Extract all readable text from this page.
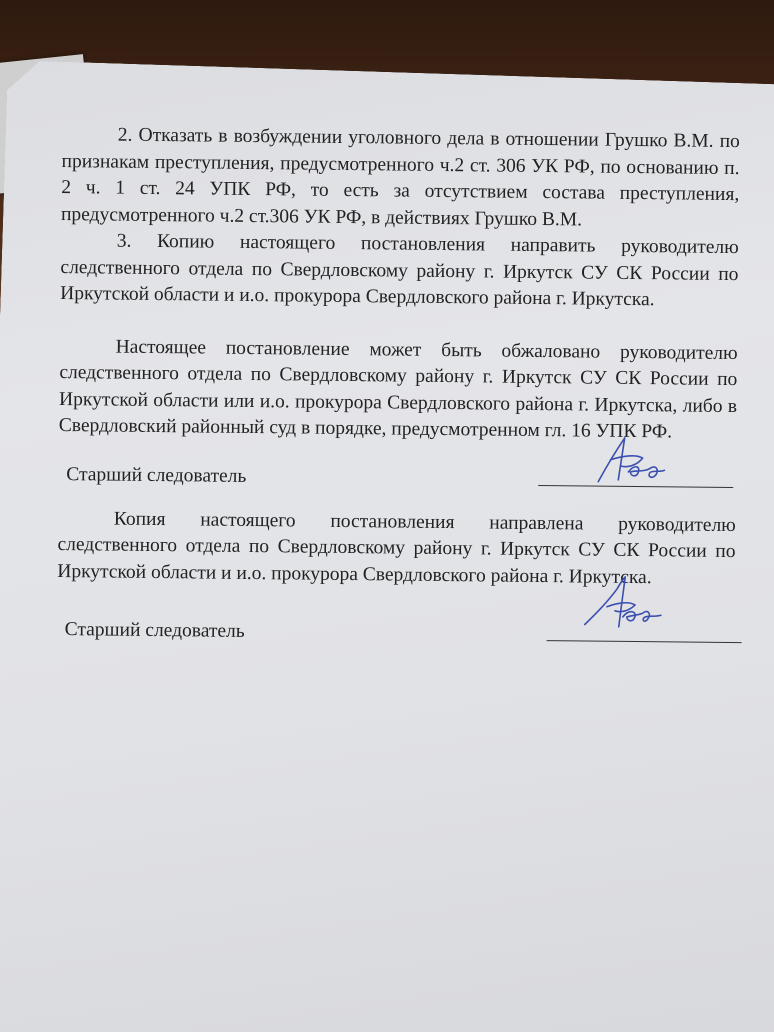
2. Отказать в возбуждении уголовного дела в отношении Грушко В.М. по признакам преступления, предусмотренного ч.2 ст. 306 УК РФ, по основанию п. 2 ч. 1 ст. 24 УПК РФ, то есть за отсутствием состава преступления, предусмотренного ч.2 ст.306 УК РФ, в действиях Грушко В.М.

3. Копию настоящего постановления направить руководителю следственного отдела по Свердловскому району г. Иркутск СУ СК России по Иркутской области и и.о. прокурора Свердловского района г. Иркутска.

Настоящее постановление может быть обжаловано руководителю следственного отдела по Свердловскому району г. Иркутск СУ СК России по Иркутской области или и.о. прокурора Свердловского района г. Иркутска, либо в Свердловский районный суд в порядке, предусмотренном гл. 16 УПК РФ.

Старший следователь

Копия настоящего постановления направлена руководителю следственного отдела по Свердловскому району г. Иркутск СУ СК России по Иркутской области и и.о. прокурора Свердловского района г. Иркутска.

Старший следователь
